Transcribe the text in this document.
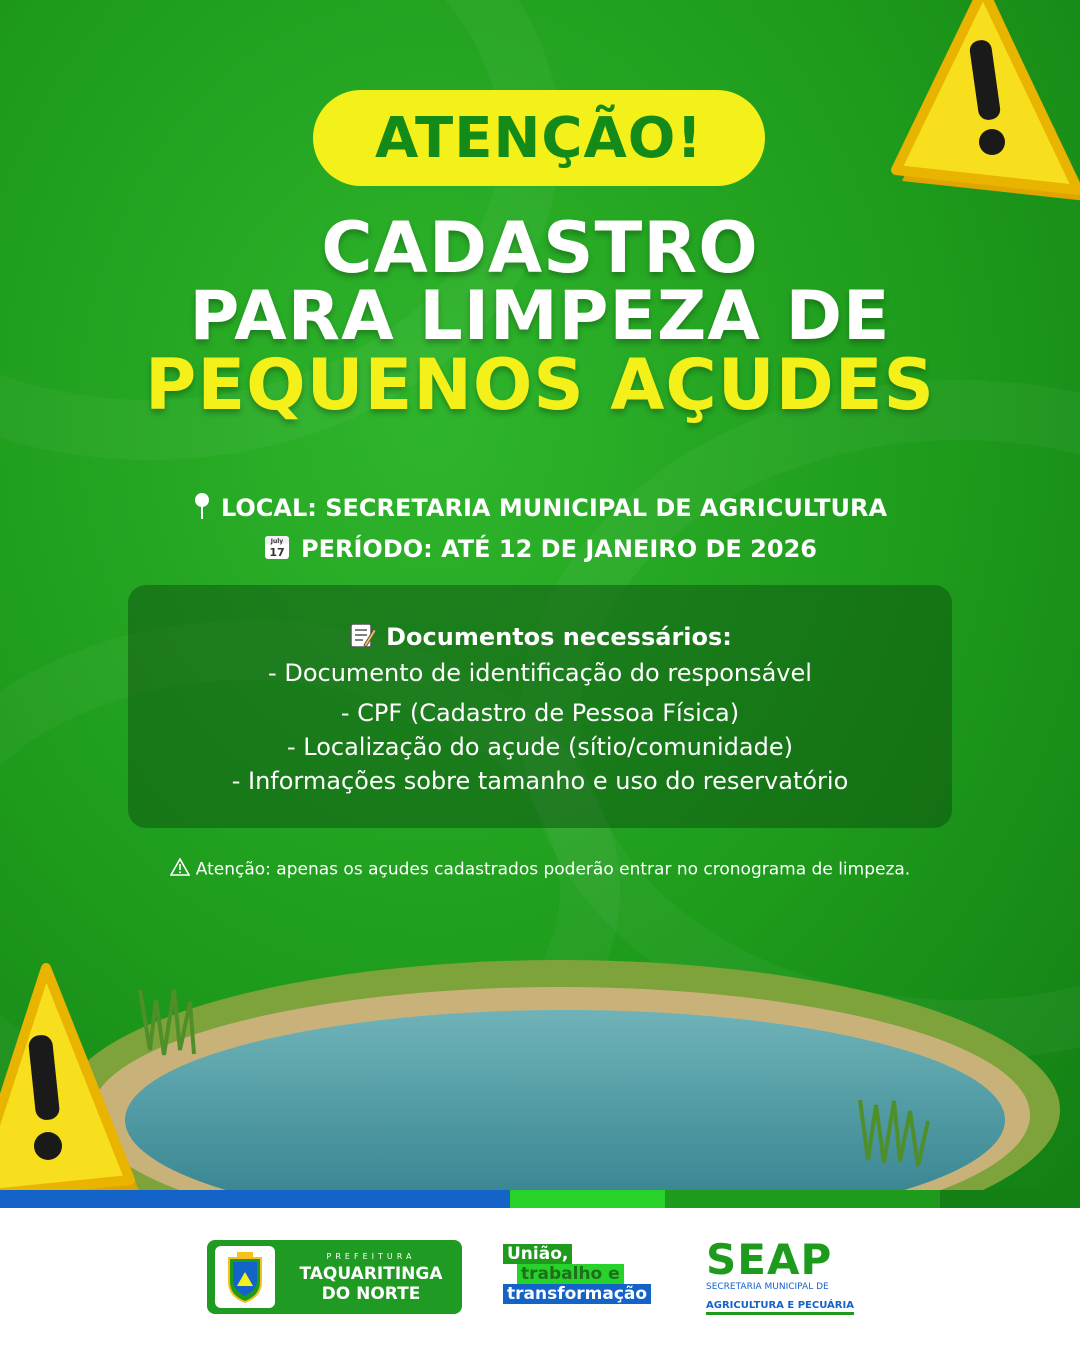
ATENÇÃO!
CADASTRO
PARA LIMPEZA DE
PEQUENOS AÇUDES
LOCAL: SECRETARIA MUNICIPAL DE AGRICULTURA
July
17 PERÍODO: ATÉ 12 DE JANEIRO DE 2026
Documentos necessários:
- Documento de identificação do responsável
- CPF (Cadastro de Pessoa Física)
- Localização do açude (sítio/comunidade)
- Informações sobre tamanho e uso do reservatório
Atenção: apenas os açudes cadastrados poderão entrar no cronograma de limpeza.
PREFEITURA
TAQUARITINGA
DO NORTE
União,
trabalho e
transformação
SEAP
SECRETARIA MUNICIPAL DE
AGRICULTURA E PECUÁRIA
